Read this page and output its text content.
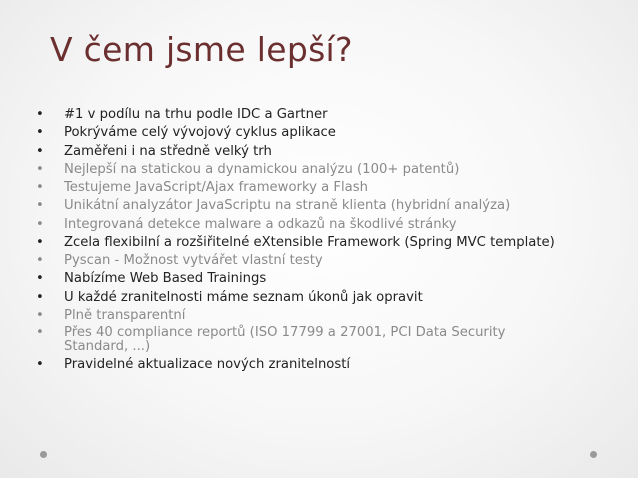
V čem jsme lepší?
•	#1 v podílu na trhu podle IDC a Gartner
•	Pokrýváme celý vývojový cyklus aplikace
•	Zaměřeni i na středně velký trh
•	Nejlepší na statickou a dynamickou analýzu (100+ patentů)
•	Testujeme JavaScript/Ajax frameworky a Flash
•	Unikátní analyzátor JavaScriptu na straně klienta (hybridní analýza)
•	Integrovaná detekce malware a odkazů na škodlivé stránky
•	Zcela flexibilní a rozšiřitelné eXtensible Framework (Spring MVC template)
•	Pyscan - Možnost vytvářet vlastní testy
•	Nabízíme Web Based Trainings
•	U každé zranitelnosti máme seznam úkonů jak opravit
•	Plně transparentní
•	Přes 40 compliance reportů (ISO 17799 a 27001, PCI Data Security Standard, ...)
•	Pravidelné aktualizace nových zranitelností
